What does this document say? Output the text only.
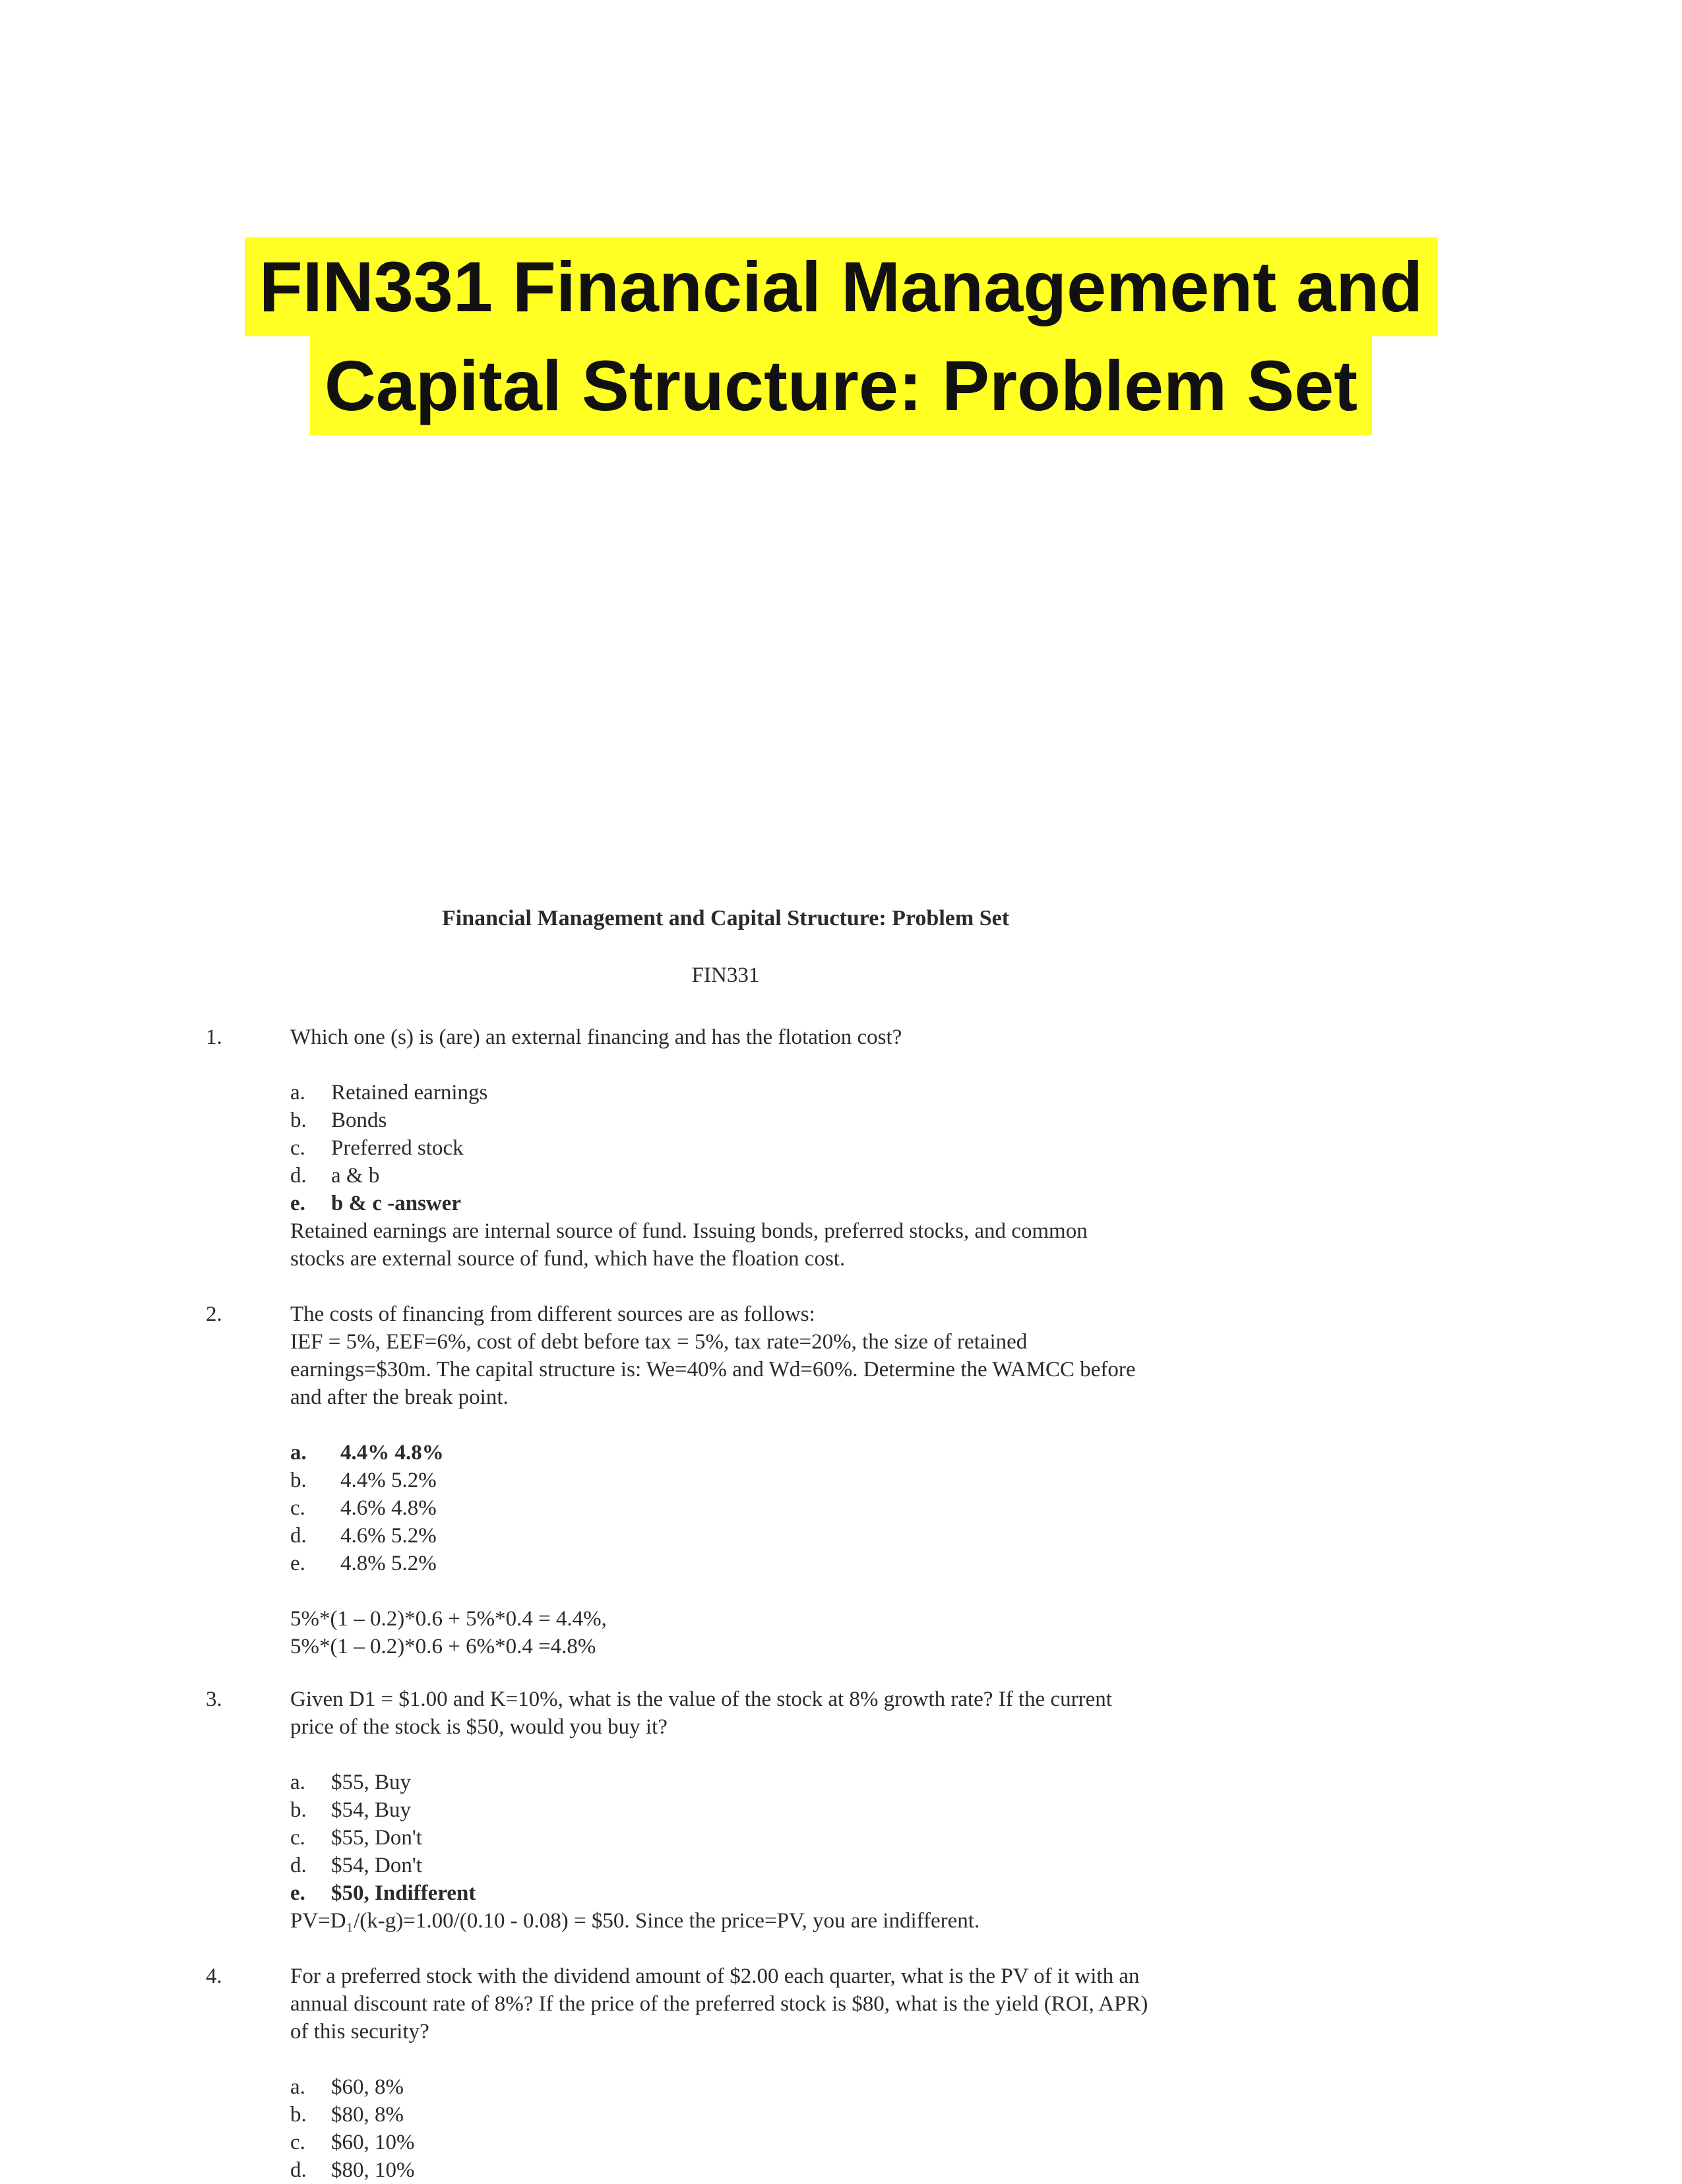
FIN331 Financial Management and
Capital Structure: Problem Set
Financial Management and Capital Structure: Problem Set
FIN331
1.	Which one (s) is (are) an external financing and has the flotation cost?
a.	Retained earnings
b.	Bonds
c.	Preferred stock
d.	a & b
e.	b & c -answer
Retained earnings are internal source of fund. Issuing bonds, preferred stocks, and common
stocks are external source of fund, which have the floation cost.
2.	The costs of financing from different sources are as follows:
IEF = 5%, EEF=6%, cost of debt before tax = 5%, tax rate=20%, the size of retained
earnings=$30m. The capital structure is: We=40% and Wd=60%. Determine the WAMCC before
and after the break point.
a.	4.4% 4.8%
b.	4.4% 5.2%
c.	4.6% 4.8%
d.	4.6% 5.2%
e.	4.8% 5.2%
5%*(1 – 0.2)*0.6 + 5%*0.4 = 4.4%,
5%*(1 – 0.2)*0.6 + 6%*0.4 =4.8%
3.	Given D1 = $1.00 and K=10%, what is the value of the stock at 8% growth rate? If the current
price of the stock is $50, would you buy it?
a.	$55, Buy
b.	$54, Buy
c.	$55, Don't
d.	$54, Don't
e.	$50, Indifferent
PV=D₁/(k-g)=1.00/(0.10 - 0.08) = $50. Since the price=PV, you are indifferent.
4.	For a preferred stock with the dividend amount of $2.00 each quarter, what is the PV of it with an
annual discount rate of 8%? If the price of the preferred stock is $80, what is the yield (ROI, APR)
of this security?
a.	$60, 8%
b.	$80, 8%
c.	$60, 10%
d.	$80, 10%
